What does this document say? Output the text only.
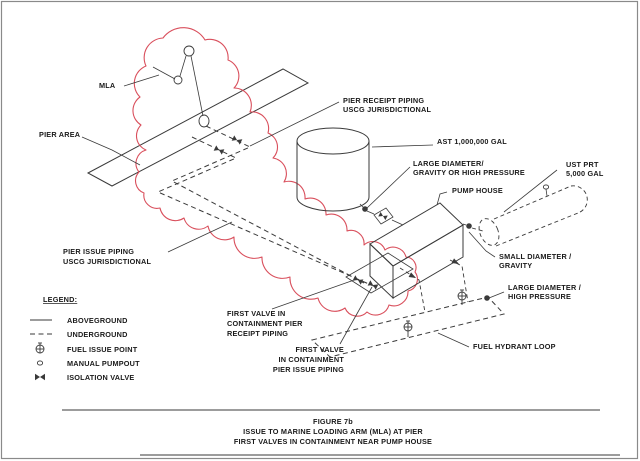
MLA
PIER AREA
PIER RECEIPT PIPING
USCG JURISDICTIONAL
PIER ISSUE PIPING
USCG JURISDICTIONAL
AST 1,000,000 GAL
LARGE DIAMETER/
GRAVITY OR HIGH PRESSURE
PUMP HOUSE
UST PRT
5,000 GAL
SMALL DIAMETER /
GRAVITY
LARGE DIAMETER /
HIGH PRESSURE
FUEL HYDRANT LOOP
FIRST VALVE IN
CONTAINMENT PIER
RECEIPT PIPING
FIRST VALVE
IN CONTAINMENT
PIER ISSUE PIPING
LEGEND:
ABOVEGROUND
UNDERGROUND
FUEL ISSUE POINT
MANUAL PUMPOUT
ISOLATION VALVE
FIGURE 7b
ISSUE TO MARINE LOADING ARM (MLA) AT PIER
FIRST VALVES IN CONTAINMENT NEAR PUMP HOUSE
